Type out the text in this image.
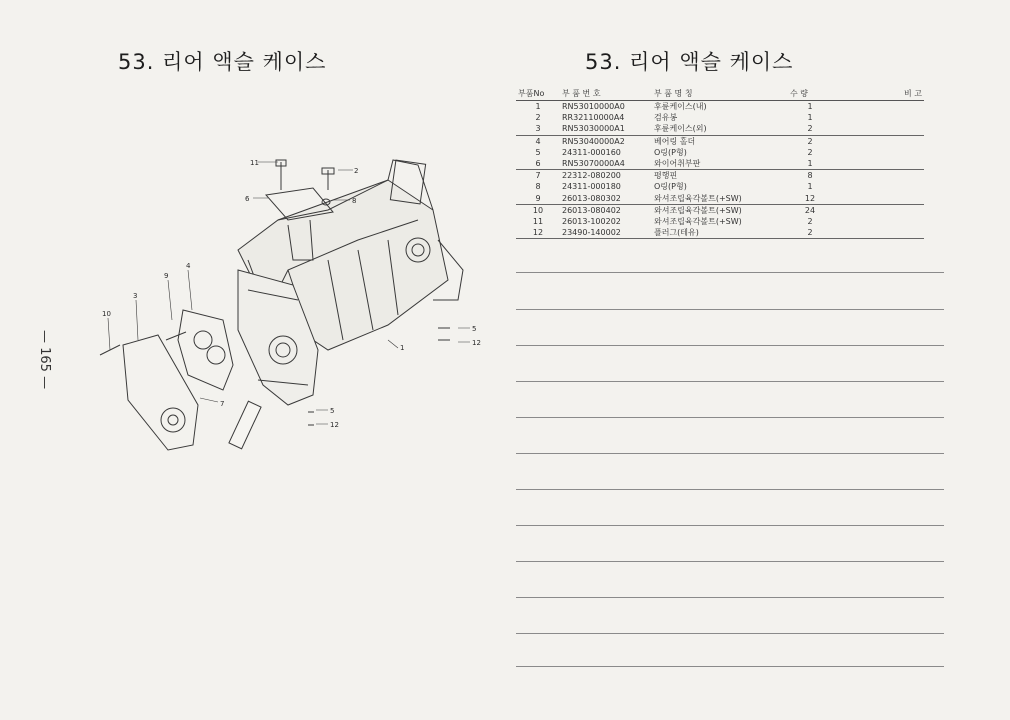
53. 리어 액슬 케이스	53. 리어 액슬 케이스
— 165 —
11
2
6	8
9
4
3
10
7
1
5
12
5
12
부품No	부 품 번 호	부 품 명 칭	수 량	비 고
1	RN53010000A0	후륜케이스(내)	1	
2	RR32110000A4	검유봉	1	
3	RN53030000A1	후륜케이스(외)	2	
4	RN53040000A2	베어링 홀더	2	
5	24311-000160	O링(P형)	2	
6	RN53070000A4	와이어취부판	1	
7	22312-080200	평행핀	8	
8	24311-000180	O링(P형)	1	
9	26013-080302	와셔조립육각볼트(+SW)	12	
10	26013-080402	와셔조립육각볼트(+SW)	24	
11	26013-100202	와셔조립육각볼트(+SW)	2	
12	23490-140002	플러그(테유)	2	
